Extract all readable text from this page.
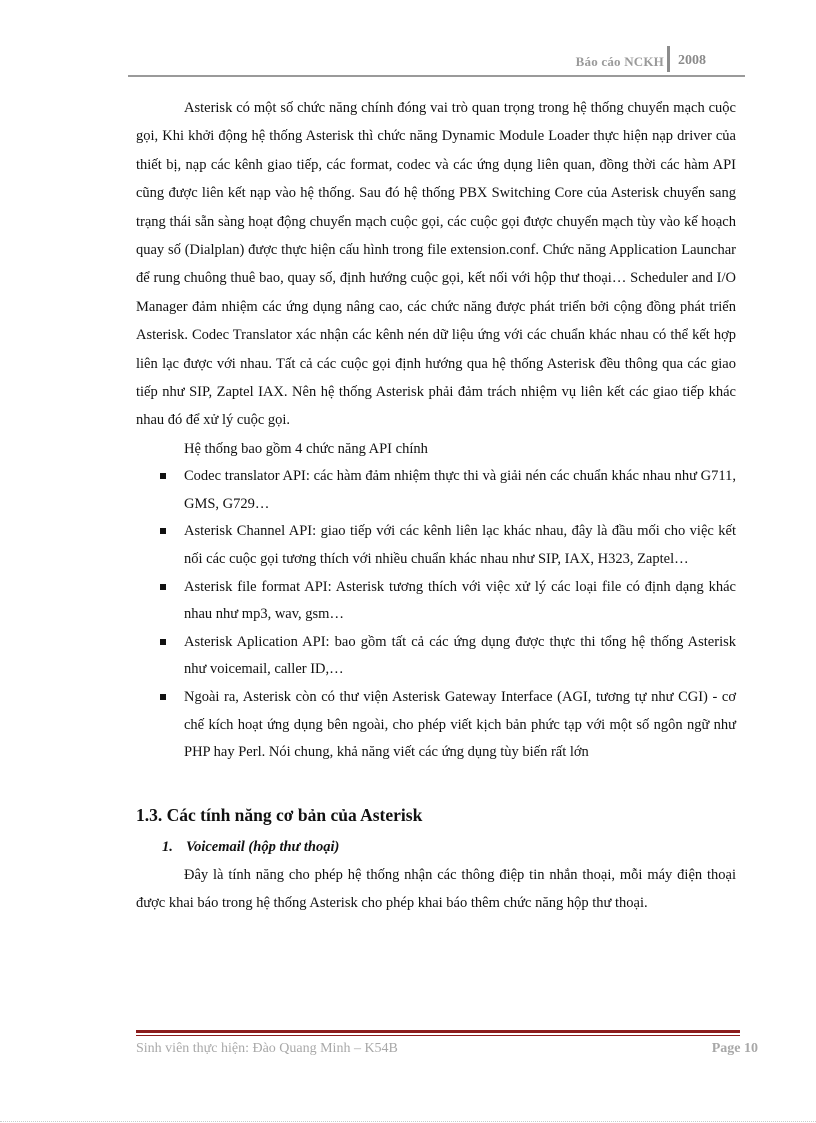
Báo cáo NCKH 2008

Asterisk có một số chức năng chính đóng vai trò quan trọng trong hệ thống chuyển mạch cuộc gọi, Khi khởi động hệ thống Asterisk thì chức năng Dynamic Module Loader thực hiện nạp driver của thiết bị, nạp các kênh giao tiếp, các format, codec và các ứng dụng liên quan, đồng thời các hàm API cũng được liên kết nạp vào hệ thống. Sau đó hệ thống PBX Switching Core của Asterisk chuyển sang trạng thái sẵn sàng hoạt động chuyển mạch cuộc gọi, các cuộc gọi được chuyển mạch tùy vào kế hoạch quay số (Dialplan) được thực hiện cấu hình trong file extension.conf. Chức năng Application Launchar để rung chuông thuê bao, quay số, định hướng cuộc gọi, kết nối với hộp thư thoại… Scheduler and I/O Manager đảm nhiệm các ứng dụng nâng cao, các chức năng được phát triển bởi cộng đồng phát triển Asterisk. Codec Translator xác nhận các kênh nén dữ liệu ứng với các chuẩn khác nhau có thể kết hợp liên lạc được với nhau. Tất cả các cuộc gọi định hướng qua hệ thống Asterisk đều thông qua các giao tiếp như SIP, Zaptel IAX. Nên hệ thống Asterisk phải đảm trách nhiệm vụ liên kết các giao tiếp khác nhau đó để xử lý cuộc gọi.

Hệ thống bao gồm 4 chức năng API chính

Codec translator API: các hàm đảm nhiệm thực thi và giải nén các chuẩn khác nhau như G711, GMS, G729…
Asterisk Channel API: giao tiếp với các kênh liên lạc khác nhau, đây là đầu mối cho việc kết nối các cuộc gọi tương thích với nhiều chuẩn khác nhau như SIP, IAX, H323, Zaptel…
Asterisk file format API: Asterisk tương thích với việc xử lý các loại file có định dạng khác nhau như mp3, wav, gsm…
Asterisk Aplication API: bao gồm tất cả các ứng dụng được thực thi tổng hệ thống Asterisk như voicemail, caller ID,…
Ngoài ra, Asterisk còn có thư viện Asterisk Gateway Interface (AGI, tương tự như CGI) - cơ chế kích hoạt ứng dụng bên ngoài, cho phép viết kịch bản phức tạp với một số ngôn ngữ như PHP hay Perl. Nói chung, khả năng viết các ứng dụng tùy biến rất lớn
1.3. Các tính năng cơ bản của Asterisk
1. Voicemail (hộp thư thoại)

Đây là tính năng cho phép hệ thống nhận các thông điệp tin nhắn thoại, mỗi máy điện thoại được khai báo trong hệ thống Asterisk cho phép khai báo thêm chức năng hộp thư thoại.

Sinh viên thực hiện: Đào Quang Minh – K54B	Page 10
